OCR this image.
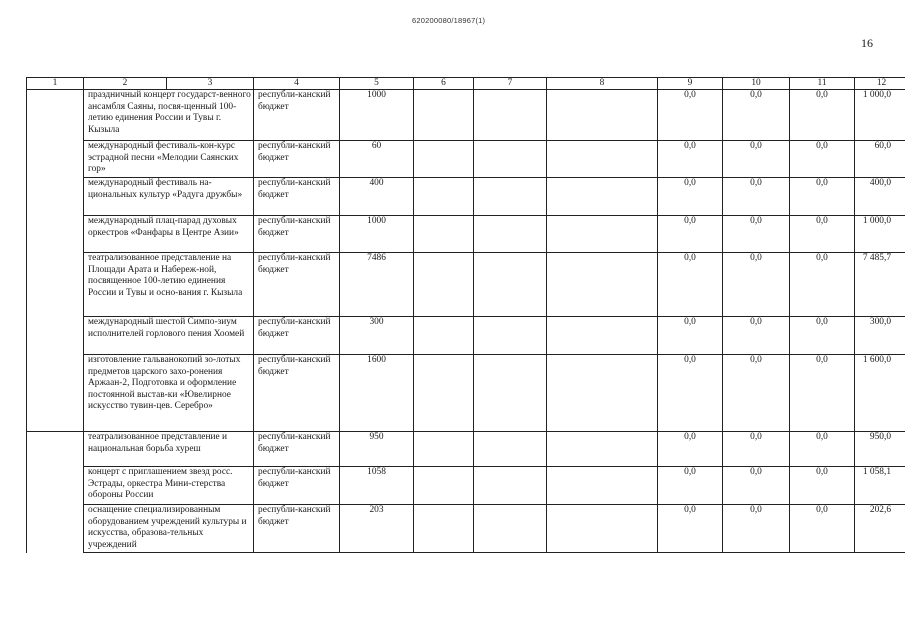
620200080/18967(1)
16
1	2	3	4	5	6	7	8	9	10	11	12
	праздничный концерт государст-венного ансамбля Саяны, посвя-щенный 100-летию единения России и Тувы г. Кызыла		республи-канский бюджет	1000				0,0	0,0	0,0	1 000,0
	международный фестиваль-кон-курс эстрадной песни «Мелодии Саянских гор»		республи-канский бюджет	60				0,0	0,0	0,0	60,0
	международный фестиваль на-циональных культур «Радуга дружбы»		республи-канский бюджет	400				0,0	0,0	0,0	400,0
	международный плац-парад духовых оркестров «Фанфары в Центре Азии»		республи-канский бюджет	1000				0,0	0,0	0,0	1 000,0
	театрализованное представление на Площади Арата и Набереж-ной, посвященное 100-летию единения России и Тувы и осно-вания г. Кызыла		республи-канский бюджет	7486				0,0	0,0	0,0	7 485,7
	международный шестой Симпо-зиум исполнителей горлового пения Хоомей		республи-канский бюджет	300				0,0	0,0	0,0	300,0
	изготовление гальванокопий зо-лотых предметов царского захо-ронения Аржаан-2, Подготовка и оформление постоянной выстав-ки «Ювелирное искусство тувин-цев. Серебро»		республи-канский бюджет	1600				0,0	0,0	0,0	1 600,0
	театрализованное представление и национальная борьба хуреш		республи-канский бюджет	950				0,0	0,0	0,0	950,0
	концерт с приглашением звезд росс. Эстрады, оркестра Мини-стерства обороны России		республи-канский бюджет	1058				0,0	0,0	0,0	1 058,1
	оснащение специализированным оборудованием учреждений культуры и искусства, образова-тельных учреждений		республи-канский бюджет	203				0,0	0,0	0,0	202,6
